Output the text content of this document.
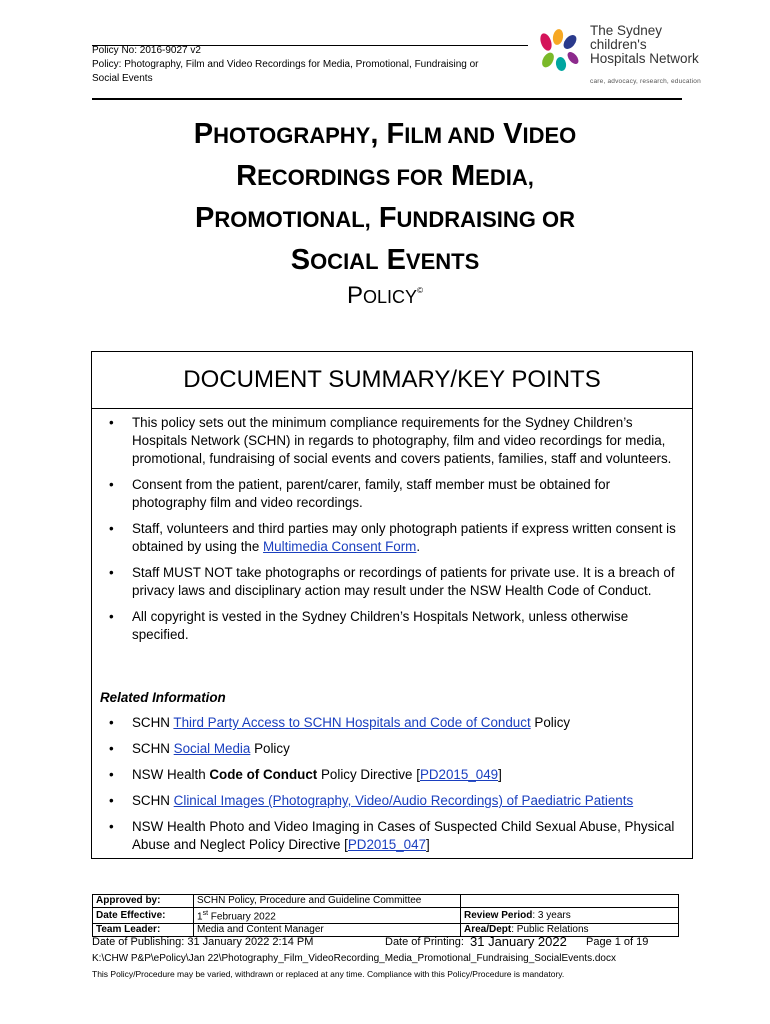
Policy No: 2016-9027 v2
Policy: Photography, Film and Video Recordings for Media, Promotional, Fundraising or
Social Events
The Sydney
children's
Hospitals Network
care, advocacy, research, education
PHOTOGRAPHY, FILM AND VIDEO
RECORDINGS FOR MEDIA,
PROMOTIONAL, FUNDRAISING OR
SOCIAL EVENTS
POLICY©
DOCUMENT SUMMARY/KEY POINTS
• This policy sets out the minimum compliance requirements for the Sydney Children’s Hospitals Network (SCHN) in regards to photography, film and video recordings for media, promotional, fundraising of social events and covers patients, families, staff and volunteers.
• Consent from the patient, parent/carer, family, staff member must be obtained for photography film and video recordings.
• Staff, volunteers and third parties may only photograph patients if express written consent is obtained by using the Multimedia Consent Form.
• Staff MUST NOT take photographs or recordings of patients for private use. It is a breach of privacy laws and disciplinary action may result under the NSW Health Code of Conduct.
• All copyright is vested in the Sydney Children’s Hospitals Network, unless otherwise specified.
Related Information
• SCHN Third Party Access to SCHN Hospitals and Code of Conduct Policy
• SCHN Social Media Policy
• NSW Health Code of Conduct Policy Directive [PD2015_049]
• SCHN Clinical Images (Photography, Video/Audio Recordings) of Paediatric Patients
• NSW Health Photo and Video Imaging in Cases of Suspected Child Sexual Abuse, Physical Abuse and Neglect Policy Directive [PD2015_047]
Approved by:	SCHN Policy, Procedure and Guideline Committee	
Date Effective:	1st February 2022	Review Period: 3 years
Team Leader:	Media and Content Manager	Area/Dept: Public Relations
Date of Publishing: 31 January 2022 2:14 PM	Date of Printing: 31 January 2022 Page 1 of 19
K:\CHW P&P\ePolicy\Jan 22\Photography_Film_VideoRecording_Media_Promotional_Fundraising_SocialEvents.docx
This Policy/Procedure may be varied, withdrawn or replaced at any time. Compliance with this Policy/Procedure is mandatory.
